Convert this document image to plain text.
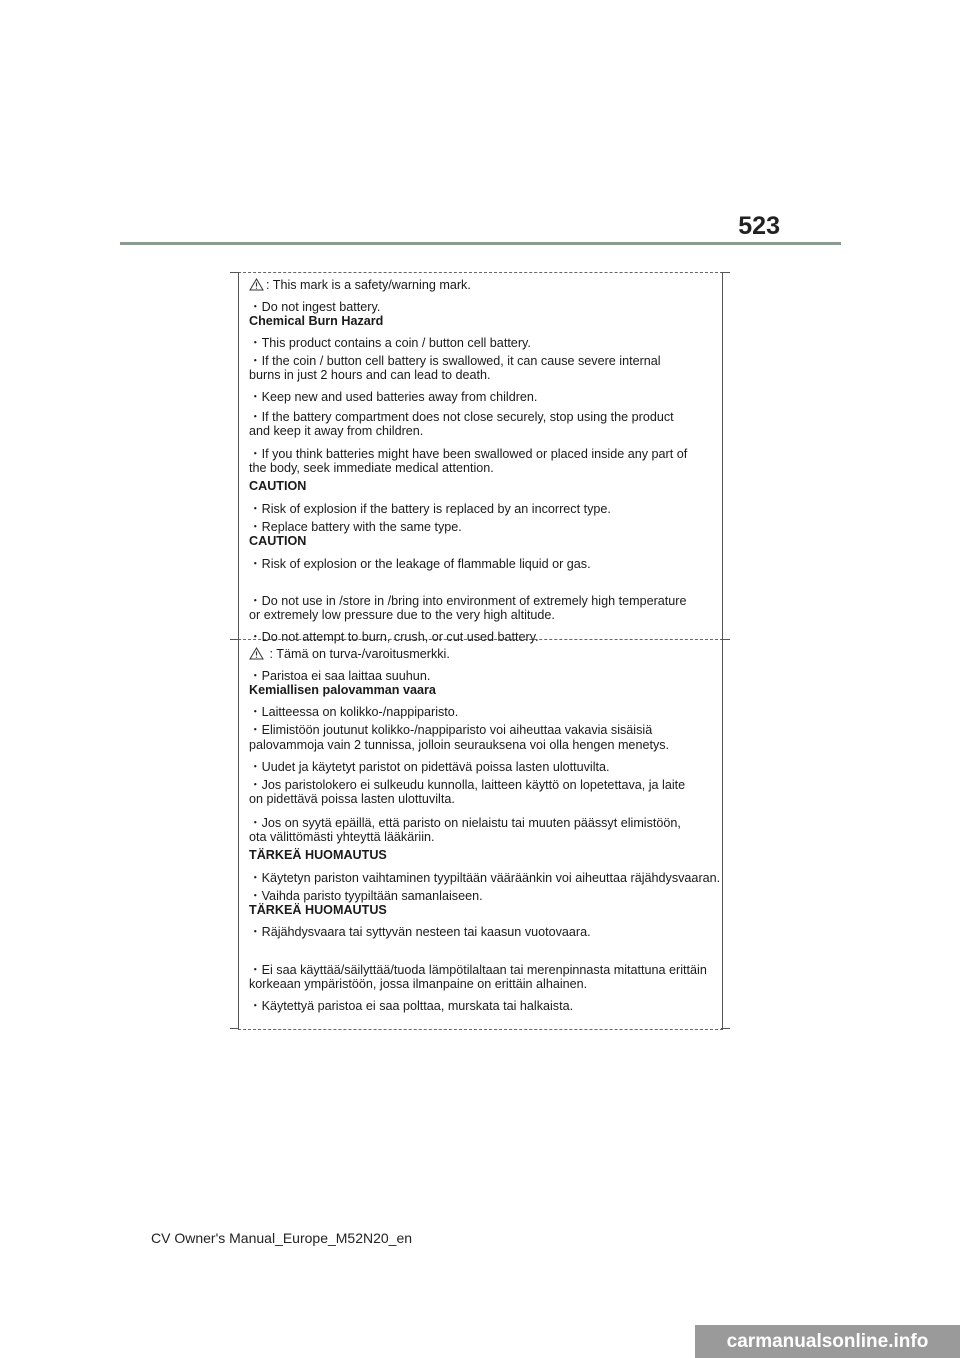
523
: This mark is a safety/warning mark.
・Do not ingest battery.
Chemical Burn Hazard
・This product contains a coin / button cell battery.
・If the coin / button cell battery is swallowed, it can cause severe internal
burns in just 2 hours and can lead to death.
・Keep new and used batteries away from children.
・If the battery compartment does not close securely, stop using the product
and keep it away from children.
・If you think batteries might have been swallowed or placed inside any part of
the body, seek immediate medical attention.
CAUTION
・Risk of explosion if the battery is replaced by an incorrect type.
・Replace battery with the same type.
CAUTION
・Risk of explosion or the leakage of flammable liquid or gas.
・Do not use in /store in /bring into environment of extremely high temperature
or extremely low pressure due to the very high altitude.
・Do not attempt to burn, crush, or cut used battery.
: Tämä on turva-/varoitusmerkki.
・Paristoa ei saa laittaa suuhun.
Kemiallisen palovamman vaara
・Laitteessa on kolikko-/nappiparisto.
・Elimistöön joutunut kolikko-/nappiparisto voi aiheuttaa vakavia sisäisiä
palovammoja vain 2 tunnissa, jolloin seurauksena voi olla hengen menetys.
・Uudet ja käytetyt paristot on pidettävä poissa lasten ulottuvilta.
・Jos paristolokero ei sulkeudu kunnolla, laitteen käyttö on lopetettava, ja laite
on pidettävä poissa lasten ulottuvilta.
・Jos on syytä epäillä, että paristo on nielaistu tai muuten päässyt elimistöön,
ota välittömästi yhteyttä lääkäriin.
TÄRKEÄ HUOMAUTUS
・Käytetyn pariston vaihtaminen tyypiltään vääräänkin voi aiheuttaa räjähdysvaaran.
・Vaihda paristo tyypiltään samanlaiseen.
TÄRKEÄ HUOMAUTUS
・Räjähdysvaara tai syttyvän nesteen tai kaasun vuotovaara.
・Ei saa käyttää/säilyttää/tuoda lämpötilaltaan tai merenpinnasta mitattuna erittäin
korkeaan ympäristöön, jossa ilmanpaine on erittäin alhainen.
・Käytettyä paristoa ei saa polttaa, murskata tai halkaista.
CV Owner's Manual_Europe_M52N20_en
carmanualsonline.info
